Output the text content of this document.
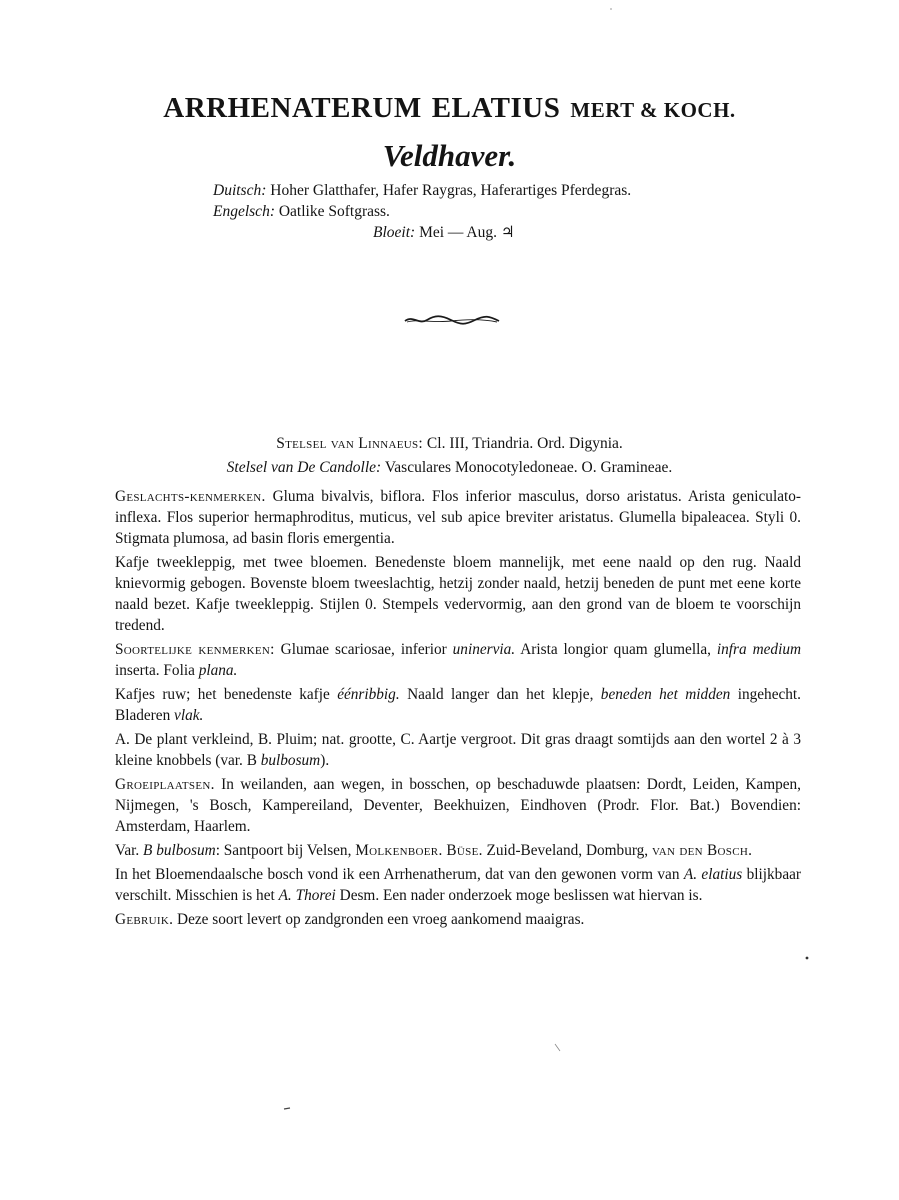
ARRHENATERUM ELATIUS MERT & KOCH.
Veldhaver.
Duitsch: Hoher Glatthafer, Hafer Raygras, Haferartiges Pferdegras.
Engelsch: Oatlike Softgrass.
Bloeit: Mei — Aug. ♃
Stelsel van Linnaeus: Cl. III, Triandria. Ord. Digynia.
Stelsel van De Candolle: Vasculares Monocotyledoneae. O. Gramineae.

Geslachts-kenmerken. Gluma bivalvis, biflora. Flos inferior masculus, dorso aristatus. Arista geniculato-inflexa. Flos superior hermaphroditus, muticus, vel sub apice breviter aristatus. Glumella bipaleacea. Styli 0. Stigmata plumosa, ad basin floris emergentia.

Kafje tweekleppig, met twee bloemen. Benedenste bloem mannelijk, met eene naald op den rug. Naald knievormig gebogen. Bovenste bloem tweeslachtig, hetzij zonder naald, hetzij beneden de punt met eene korte naald bezet. Kafje tweekleppig. Stijlen 0. Stempels vedervormig, aan den grond van de bloem te voorschijn tredend.

Soortelijke kenmerken: Glumae scariosae, inferior uninervia. Arista longior quam glumella, infra medium inserta. Folia plana.

Kafjes ruw; het benedenste kafje éénribbig. Naald langer dan het klepje, beneden het midden ingehecht. Bladeren vlak.

A. De plant verkleind, B. Pluim; nat. grootte, C. Aartje vergroot. Dit gras draagt somtijds aan den wortel 2 à 3 kleine knobbels (var. B bulbosum).

Groeiplaatsen. In weilanden, aan wegen, in bosschen, op beschaduwde plaatsen: Dordt, Leiden, Kampen, Nijmegen, 's Bosch, Kampereiland, Deventer, Beekhuizen, Eindhoven (Prodr. Flor. Bat.) Bovendien: Amsterdam, Haarlem.

Var. B bulbosum: Santpoort bij Velsen, Molkenboer. Büse. Zuid-Beveland, Domburg, van den Bosch.

In het Bloemendaalsche bosch vond ik een Arrhenatherum, dat van den gewonen vorm van A. elatius blijkbaar verschilt. Misschien is het A. Thorei Desm. Een nader onderzoek moge beslissen wat hiervan is.

Gebruik. Deze soort levert op zandgronden een vroeg aankomend maaigras.
